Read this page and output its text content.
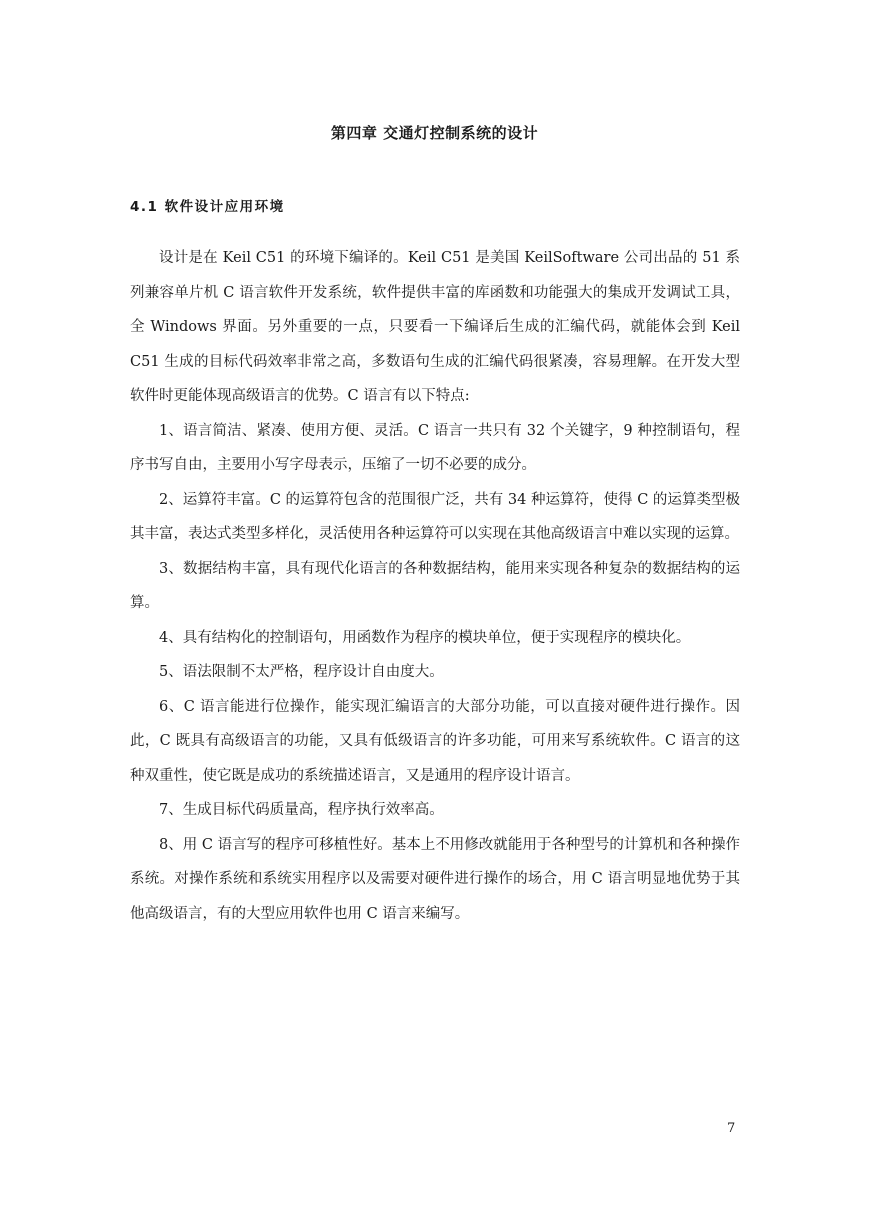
第四章 交通灯控制系统的设计
4.1 软件设计应用环境

设计是在 Keil C51 的环境下编译的。Keil C51 是美国 KeilSoftware 公司出品的 51 系列兼容单片机 C 语言软件开发系统，软件提供丰富的库函数和功能强大的集成开发调试工具，全 Windows 界面。另外重要的一点，只要看一下编译后生成的汇编代码，就能体会到 Keil C51 生成的目标代码效率非常之高，多数语句生成的汇编代码很紧凑，容易理解。在开发大型软件时更能体现高级语言的优势。C 语言有以下特点:

1、语言简洁、紧凑、使用方便、灵活。C 语言一共只有 32 个关键字，9 种控制语句，程序书写自由，主要用小写字母表示，压缩了一切不必要的成分。

2、运算符丰富。C 的运算符包含的范围很广泛，共有 34 种运算符，使得 C 的运算类型极其丰富，表达式类型多样化，灵活使用各种运算符可以实现在其他高级语言中难以实现的运算。

3、数据结构丰富，具有现代化语言的各种数据结构，能用来实现各种复杂的数据结构的运算。

4、具有结构化的控制语句，用函数作为程序的模块单位，便于实现程序的模块化。

5、语法限制不太严格，程序设计自由度大。

6、C 语言能进行位操作，能实现汇编语言的大部分功能，可以直接对硬件进行操作。因此，C 既具有高级语言的功能，又具有低级语言的许多功能，可用来写系统软件。C 语言的这种双重性，使它既是成功的系统描述语言，又是通用的程序设计语言。

7、生成目标代码质量高，程序执行效率高。

8、用 C 语言写的程序可移植性好。基本上不用修改就能用于各种型号的计算机和各种操作系统。对操作系统和系统实用程序以及需要对硬件进行操作的场合，用 C 语言明显地优势于其他高级语言，有的大型应用软件也用 C 语言来编写。

7
